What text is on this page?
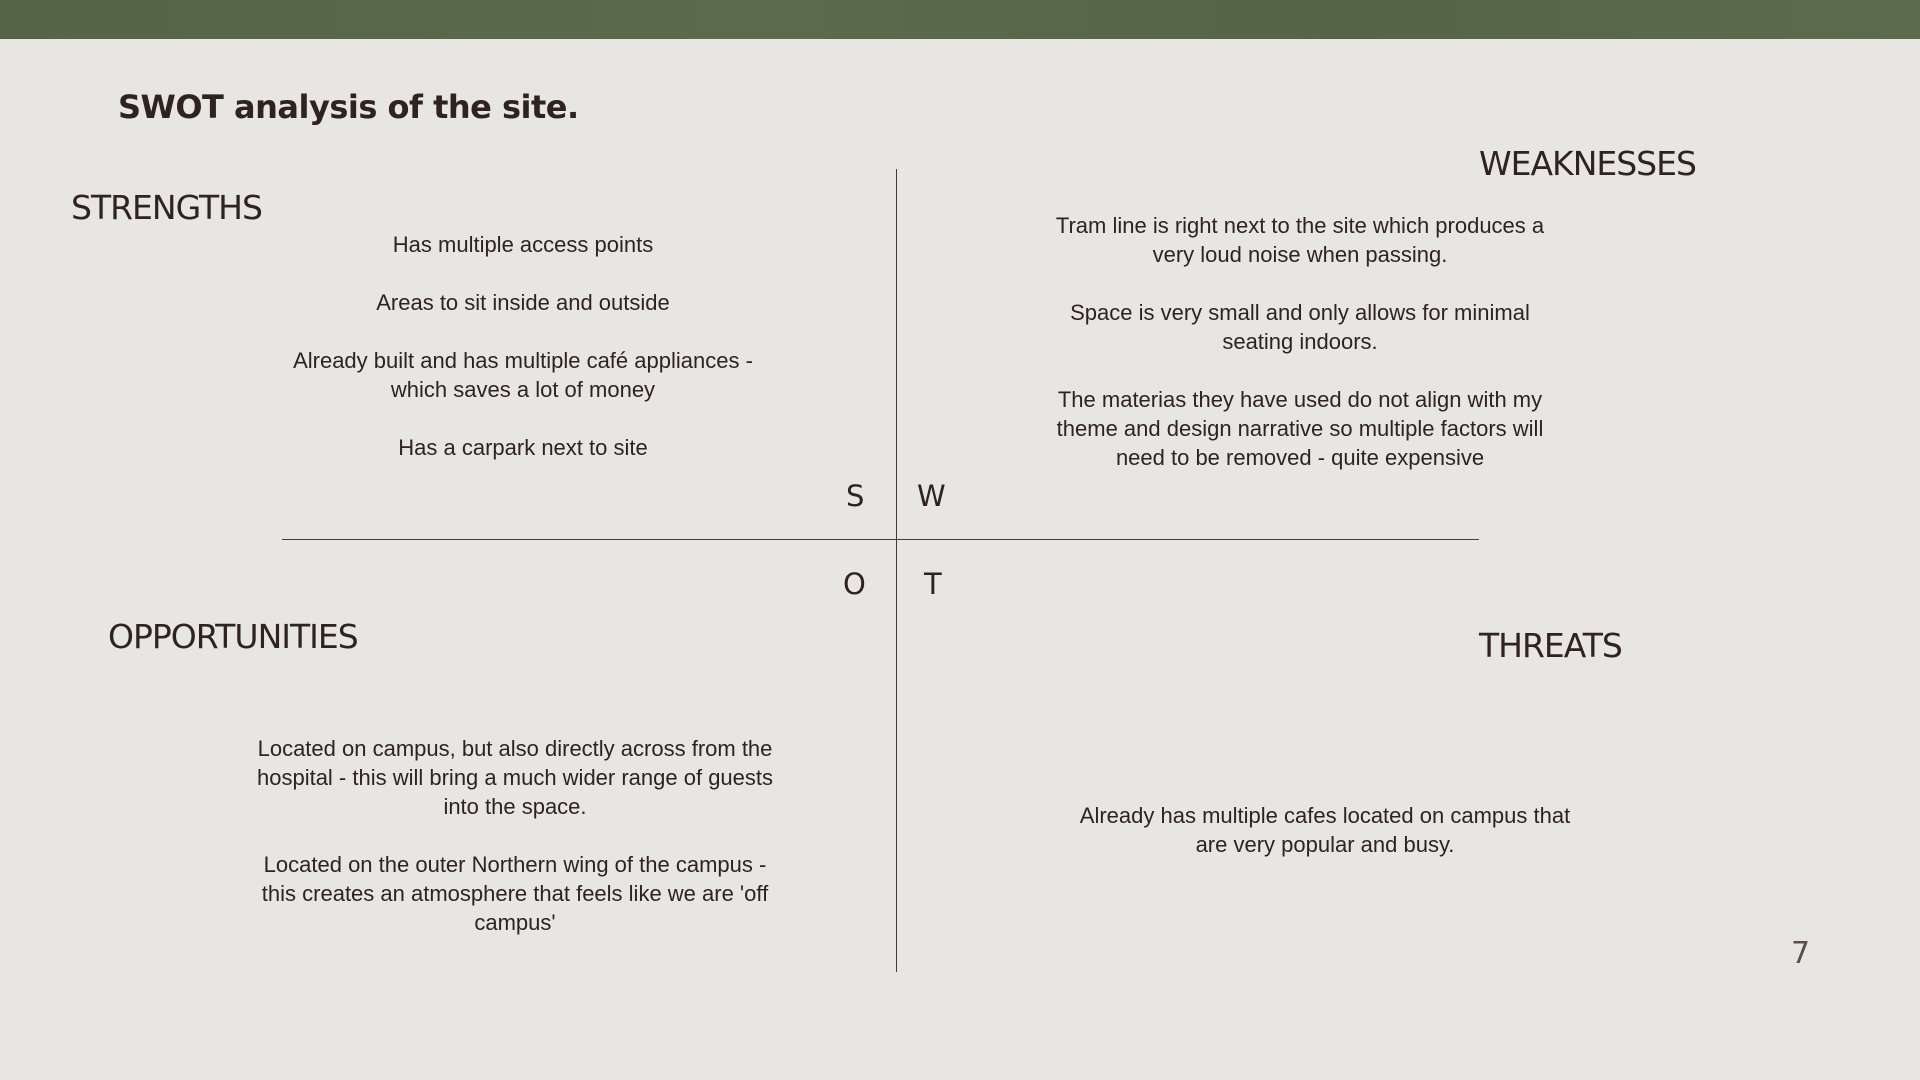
SWOT analysis of the site.
STRENGTHS
WEAKNESSES
OPPORTUNITIES	THREATS

Has multiple access points

Areas to sit inside and outside

Already built and has multiple café appliances - which saves a lot of money

Has a carpark next to site

Tram line is right next to the site which produces a very loud noise when passing.

Space is very small and only allows for minimal seating indoors.

The materias they have used do not align with my theme and design narrative so multiple factors will need to be removed - quite expensive

Located on campus, but also directly across from the hospital - this will bring a much wider range of guests into the space.

Located on the outer Northern wing of the campus - this creates an atmosphere that feels like we are 'off campus'

Already has multiple cafes located on campus that are very popular and busy.

S W
O T
7
